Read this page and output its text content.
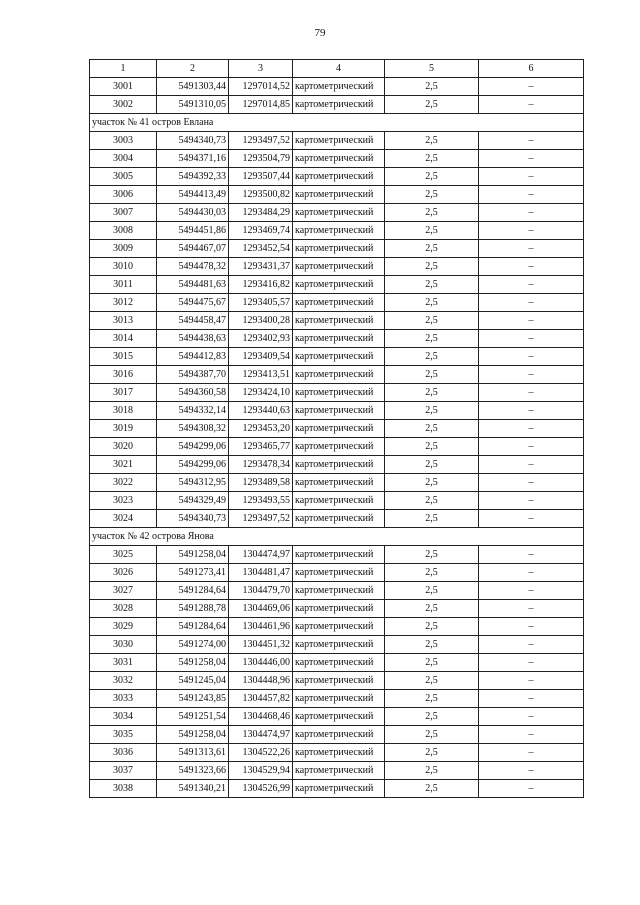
79
1	2	3	4	5	6
3001	5491303,44	1297014,52	картометрический	2,5	–
3002	5491310,05	1297014,85	картометрический	2,5	–
участок № 41 остров Евлана					
3003	5494340,73	1293497,52	картометрический	2,5	–
3004	5494371,16	1293504,79	картометрический	2,5	–
3005	5494392,33	1293507,44	картометрический	2,5	–
3006	5494413,49	1293500,82	картометрический	2,5	–
3007	5494430,03	1293484,29	картометрический	2,5	–
3008	5494451,86	1293469,74	картометрический	2,5	–
3009	5494467,07	1293452,54	картометрический	2,5	–
3010	5494478,32	1293431,37	картометрический	2,5	–
3011	5494481,63	1293416,82	картометрический	2,5	–
3012	5494475,67	1293405,57	картометрический	2,5	–
3013	5494458,47	1293400,28	картометрический	2,5	–
3014	5494438,63	1293402,93	картометрический	2,5	–
3015	5494412,83	1293409,54	картометрический	2,5	–
3016	5494387,70	1293413,51	картометрический	2,5	–
3017	5494360,58	1293424,10	картометрический	2,5	–
3018	5494332,14	1293440,63	картометрический	2,5	–
3019	5494308,32	1293453,20	картометрический	2,5	–
3020	5494299,06	1293465,77	картометрический	2,5	–
3021	5494299,06	1293478,34	картометрический	2,5	–
3022	5494312,95	1293489,58	картометрический	2,5	–
3023	5494329,49	1293493,55	картометрический	2,5	–
3024	5494340,73	1293497,52	картометрический	2,5	–
участок № 42 острова Янова					
3025	5491258,04	1304474,97	картометрический	2,5	–
3026	5491273,41	1304481,47	картометрический	2,5	–
3027	5491284,64	1304479,70	картометрический	2,5	–
3028	5491288,78	1304469,06	картометрический	2,5	–
3029	5491284,64	1304461,96	картометрический	2,5	–
3030	5491274,00	1304451,32	картометрический	2,5	–
3031	5491258,04	1304446,00	картометрический	2,5	–
3032	5491245,04	1304448,96	картометрический	2,5	–
3033	5491243,85	1304457,82	картометрический	2,5	–
3034	5491251,54	1304468,46	картометрический	2,5	–
3035	5491258,04	1304474,97	картометрический	2,5	–
3036	5491313,61	1304522,26	картометрический	2,5	–
3037	5491323,66	1304529,94	картометрический	2,5	–
3038	5491340,21	1304526,99	картометрический	2,5	–
